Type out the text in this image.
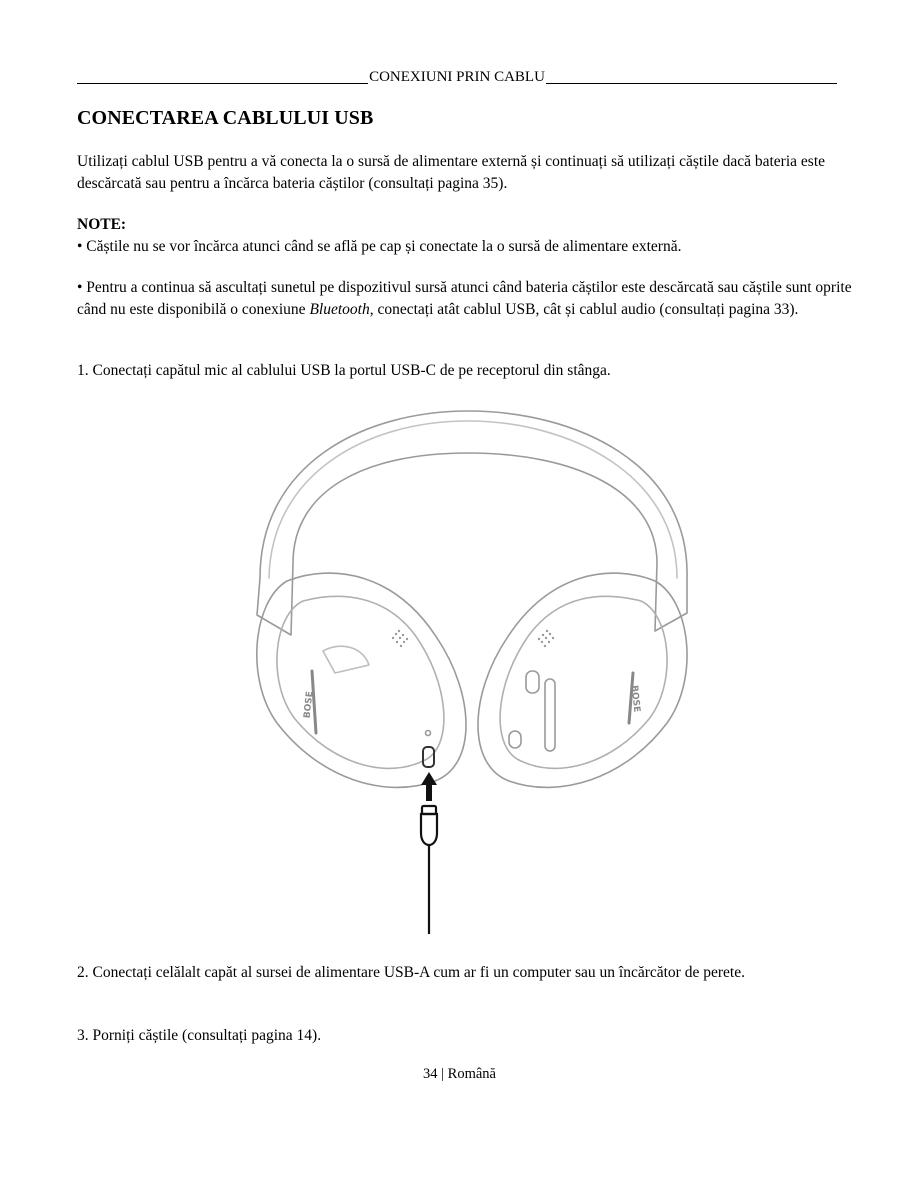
CONEXIUNI PRIN CABLU
CONECTAREA CABLULUI USB

Utilizați cablul USB pentru a vă conecta la o sursă de alimentare externă și continuați să utilizați căștile dacă bateria este descărcată sau pentru a încărca bateria căștilor (consultați pagina 35).

NOTE:
• Căștile nu se vor încărca atunci când se află pe cap și conectate la o sursă de alimentare externă.

• Pentru a continua să ascultați sunetul pe dispozitivul sursă atunci când bateria căștilor este descărcată sau căștile sunt oprite când nu este disponibilă o conexiune Bluetooth, conectați atât cablul USB, cât și cablul audio (consultați pagina 33).

1. Conectați capătul mic al cablului USB la portul USB-C de pe receptorul din stânga.

BOSE	BOSE

2. Conectați celălalt capăt al sursei de alimentare USB-A cum ar fi un computer sau un încărcător de perete.

3. Porniți căștile (consultați pagina 14).

34 | Română
